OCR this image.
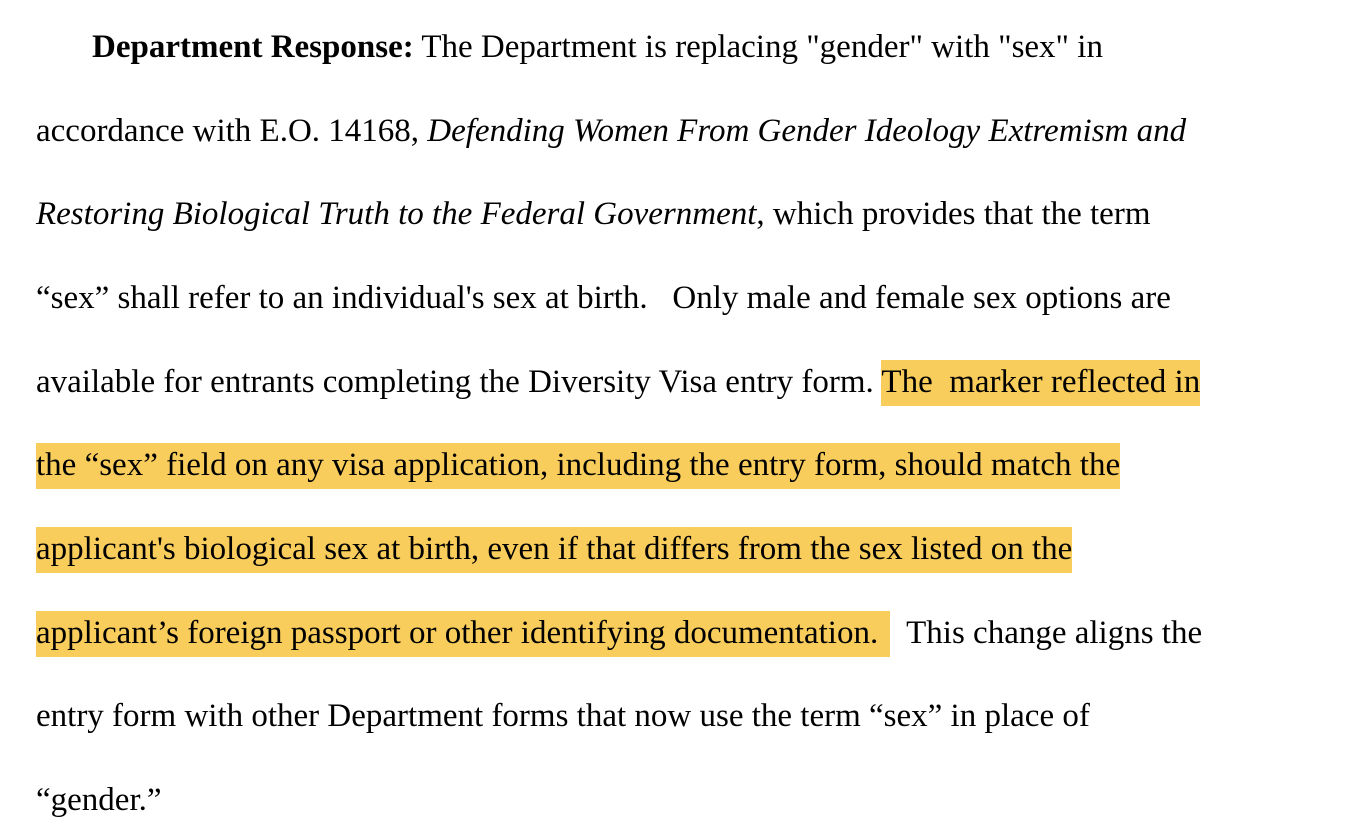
Department Response: The Department is replacing "gender" with "sex" in
accordance with E.O. 14168, Defending Women From Gender Ideology Extremism and
Restoring Biological Truth to the Federal Government, which provides that the term
“sex” shall refer to an individual's sex at birth.   Only male and female sex options are
available for entrants completing the Diversity Visa entry form. The  marker reflected in
the “sex” field on any visa application, including the entry form, should match the
applicant's biological sex at birth, even if that differs from the sex listed on the
applicant’s foreign passport or other identifying documentation.  This change aligns the
entry form with other Department forms that now use the term “sex” in place of
“gender.”
